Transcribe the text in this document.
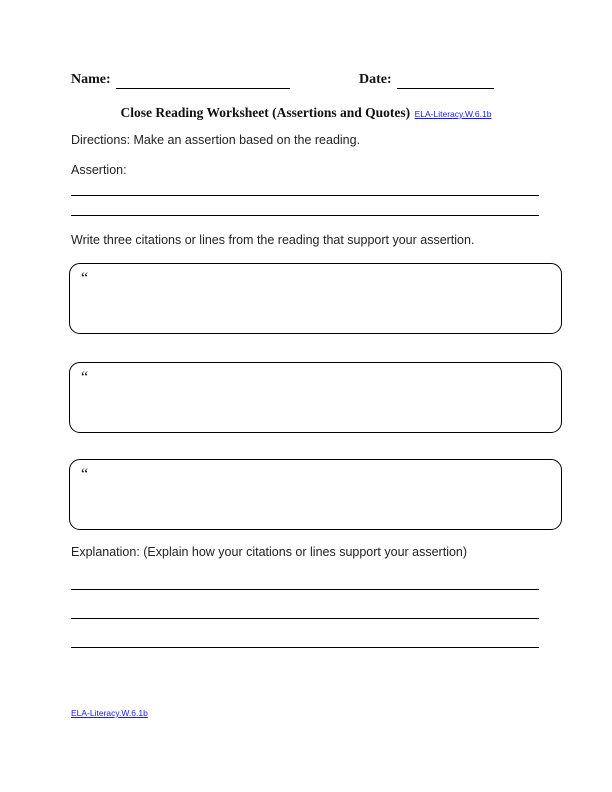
Name:	Date:
Close Reading Worksheet (Assertions and Quotes) ELA-Literacy.W.6.1b
Directions: Make an assertion based on the reading.
Assertion:
Write three citations or lines from the reading that support your assertion.
“
“
“
Explanation: (Explain how your citations or lines support your assertion)
ELA-Literacy.W.6.1b
